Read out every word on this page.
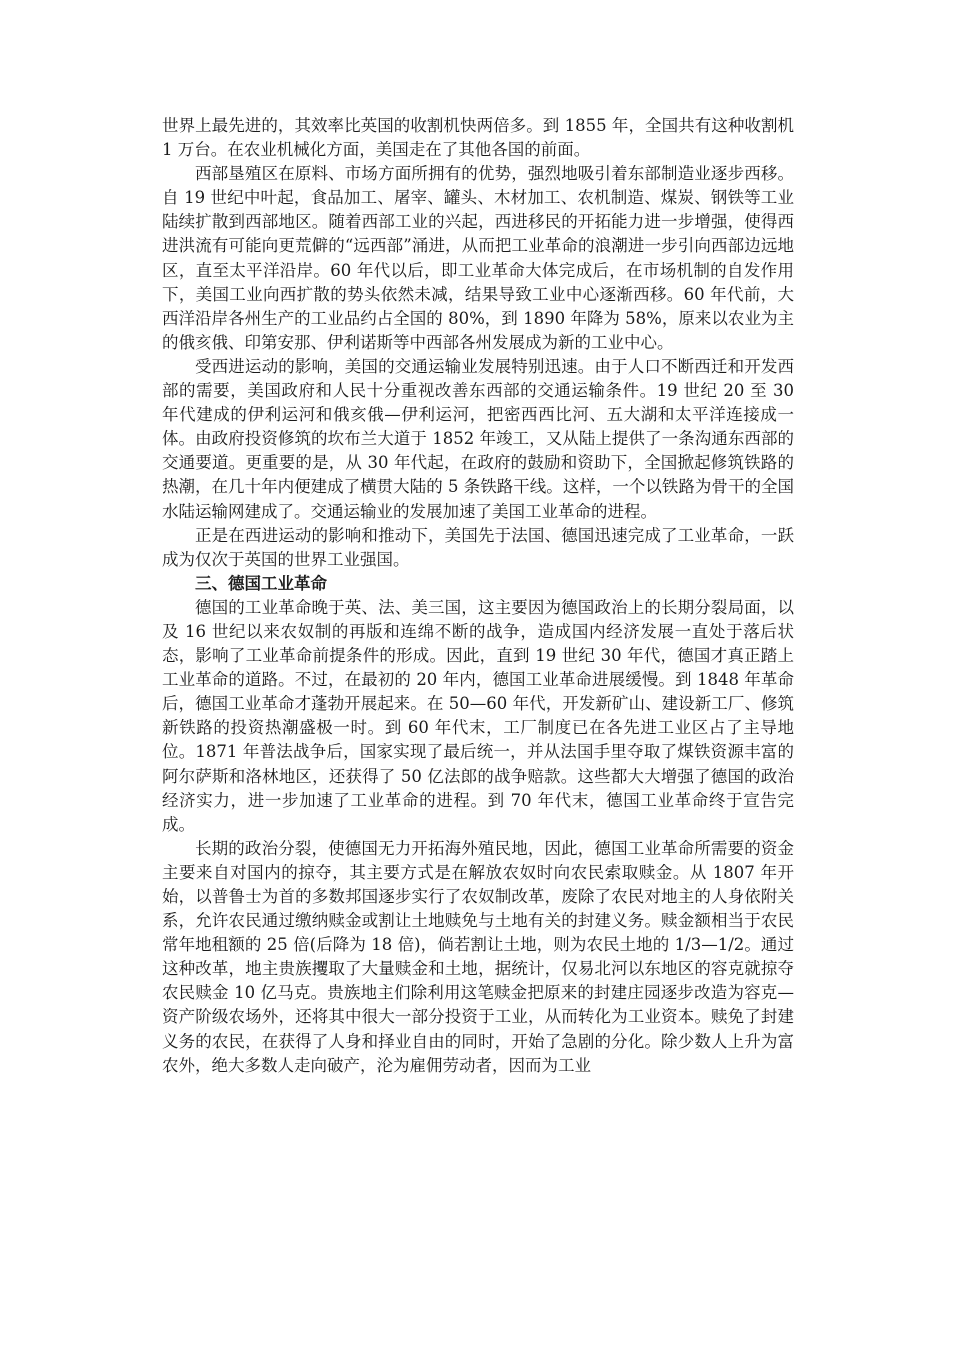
世界上最先进的，其效率比英国的收割机快两倍多。到 1855 年，全国共有这种收割机 1 万台。在农业机械化方面，美国走在了其他各国的前面。

西部垦殖区在原料、市场方面所拥有的优势，强烈地吸引着东部制造业逐步西移。自 19 世纪中叶起，食品加工、屠宰、罐头、木材加工、农机制造、煤炭、钢铁等工业陆续扩散到西部地区。随着西部工业的兴起，西进移民的开拓能力进一步增强，使得西进洪流有可能向更荒僻的“远西部”涌进，从而把工业革命的浪潮进一步引向西部边远地区，直至太平洋沿岸。60 年代以后，即工业革命大体完成后，在市场机制的自发作用下，美国工业向西扩散的势头依然未减，结果导致工业中心逐渐西移。60 年代前，大西洋沿岸各州生产的工业品约占全国的 80%，到 1890 年降为 58%，原来以农业为主的俄亥俄、印第安那、伊利诺斯等中西部各州发展成为新的工业中心。

受西进运动的影响，美国的交通运输业发展特别迅速。由于人口不断西迁和开发西部的需要，美国政府和人民十分重视改善东西部的交通运输条件。19 世纪 20 至 30 年代建成的伊利运河和俄亥俄—伊利运河，把密西西比河、五大湖和太平洋连接成一体。由政府投资修筑的坎布兰大道于 1852 年竣工，又从陆上提供了一条沟通东西部的交通要道。更重要的是，从 30 年代起，在政府的鼓励和资助下，全国掀起修筑铁路的热潮，在几十年内便建成了横贯大陆的 5 条铁路干线。这样，一个以铁路为骨干的全国水陆运输网建成了。交通运输业的发展加速了美国工业革命的进程。

正是在西进运动的影响和推动下，美国先于法国、德国迅速完成了工业革命，一跃成为仅次于英国的世界工业强国。

三、德国工业革命

德国的工业革命晚于英、法、美三国，这主要因为德国政治上的长期分裂局面，以及 16 世纪以来农奴制的再版和连绵不断的战争，造成国内经济发展一直处于落后状态，影响了工业革命前提条件的形成。因此，直到 19 世纪 30 年代，德国才真正踏上工业革命的道路。不过，在最初的 20 年内，德国工业革命进展缓慢。到 1848 年革命后，德国工业革命才蓬勃开展起来。在 50—60 年代，开发新矿山、建设新工厂、修筑新铁路的投资热潮盛极一时。到 60 年代末，工厂制度已在各先进工业区占了主导地位。1871 年普法战争后，国家实现了最后统一，并从法国手里夺取了煤铁资源丰富的阿尔萨斯和洛林地区，还获得了 50 亿法郎的战争赔款。这些都大大增强了德国的政治经济实力，进一步加速了工业革命的进程。到 70 年代末，德国工业革命终于宣告完成。

长期的政治分裂，使德国无力开拓海外殖民地，因此，德国工业革命所需要的资金主要来自对国内的掠夺，其主要方式是在解放农奴时向农民索取赎金。从 1807 年开始，以普鲁士为首的多数邦国逐步实行了农奴制改革，废除了农民对地主的人身依附关系，允许农民通过缴纳赎金或割让土地赎免与土地有关的封建义务。赎金额相当于农民常年地租额的 25 倍(后降为 18 倍)，倘若割让土地，则为农民土地的 1/3—1/2。通过这种改革，地主贵族攫取了大量赎金和土地，据统计，仅易北河以东地区的容克就掠夺农民赎金 10 亿马克。贵族地主们除利用这笔赎金把原来的封建庄园逐步改造为容克—资产阶级农场外，还将其中很大一部分投资于工业，从而转化为工业资本。赎免了封建义务的农民，在获得了人身和择业自由的同时，开始了急剧的分化。除少数人上升为富农外，绝大多数人走向破产，沦为雇佣劳动者，因而为工业
